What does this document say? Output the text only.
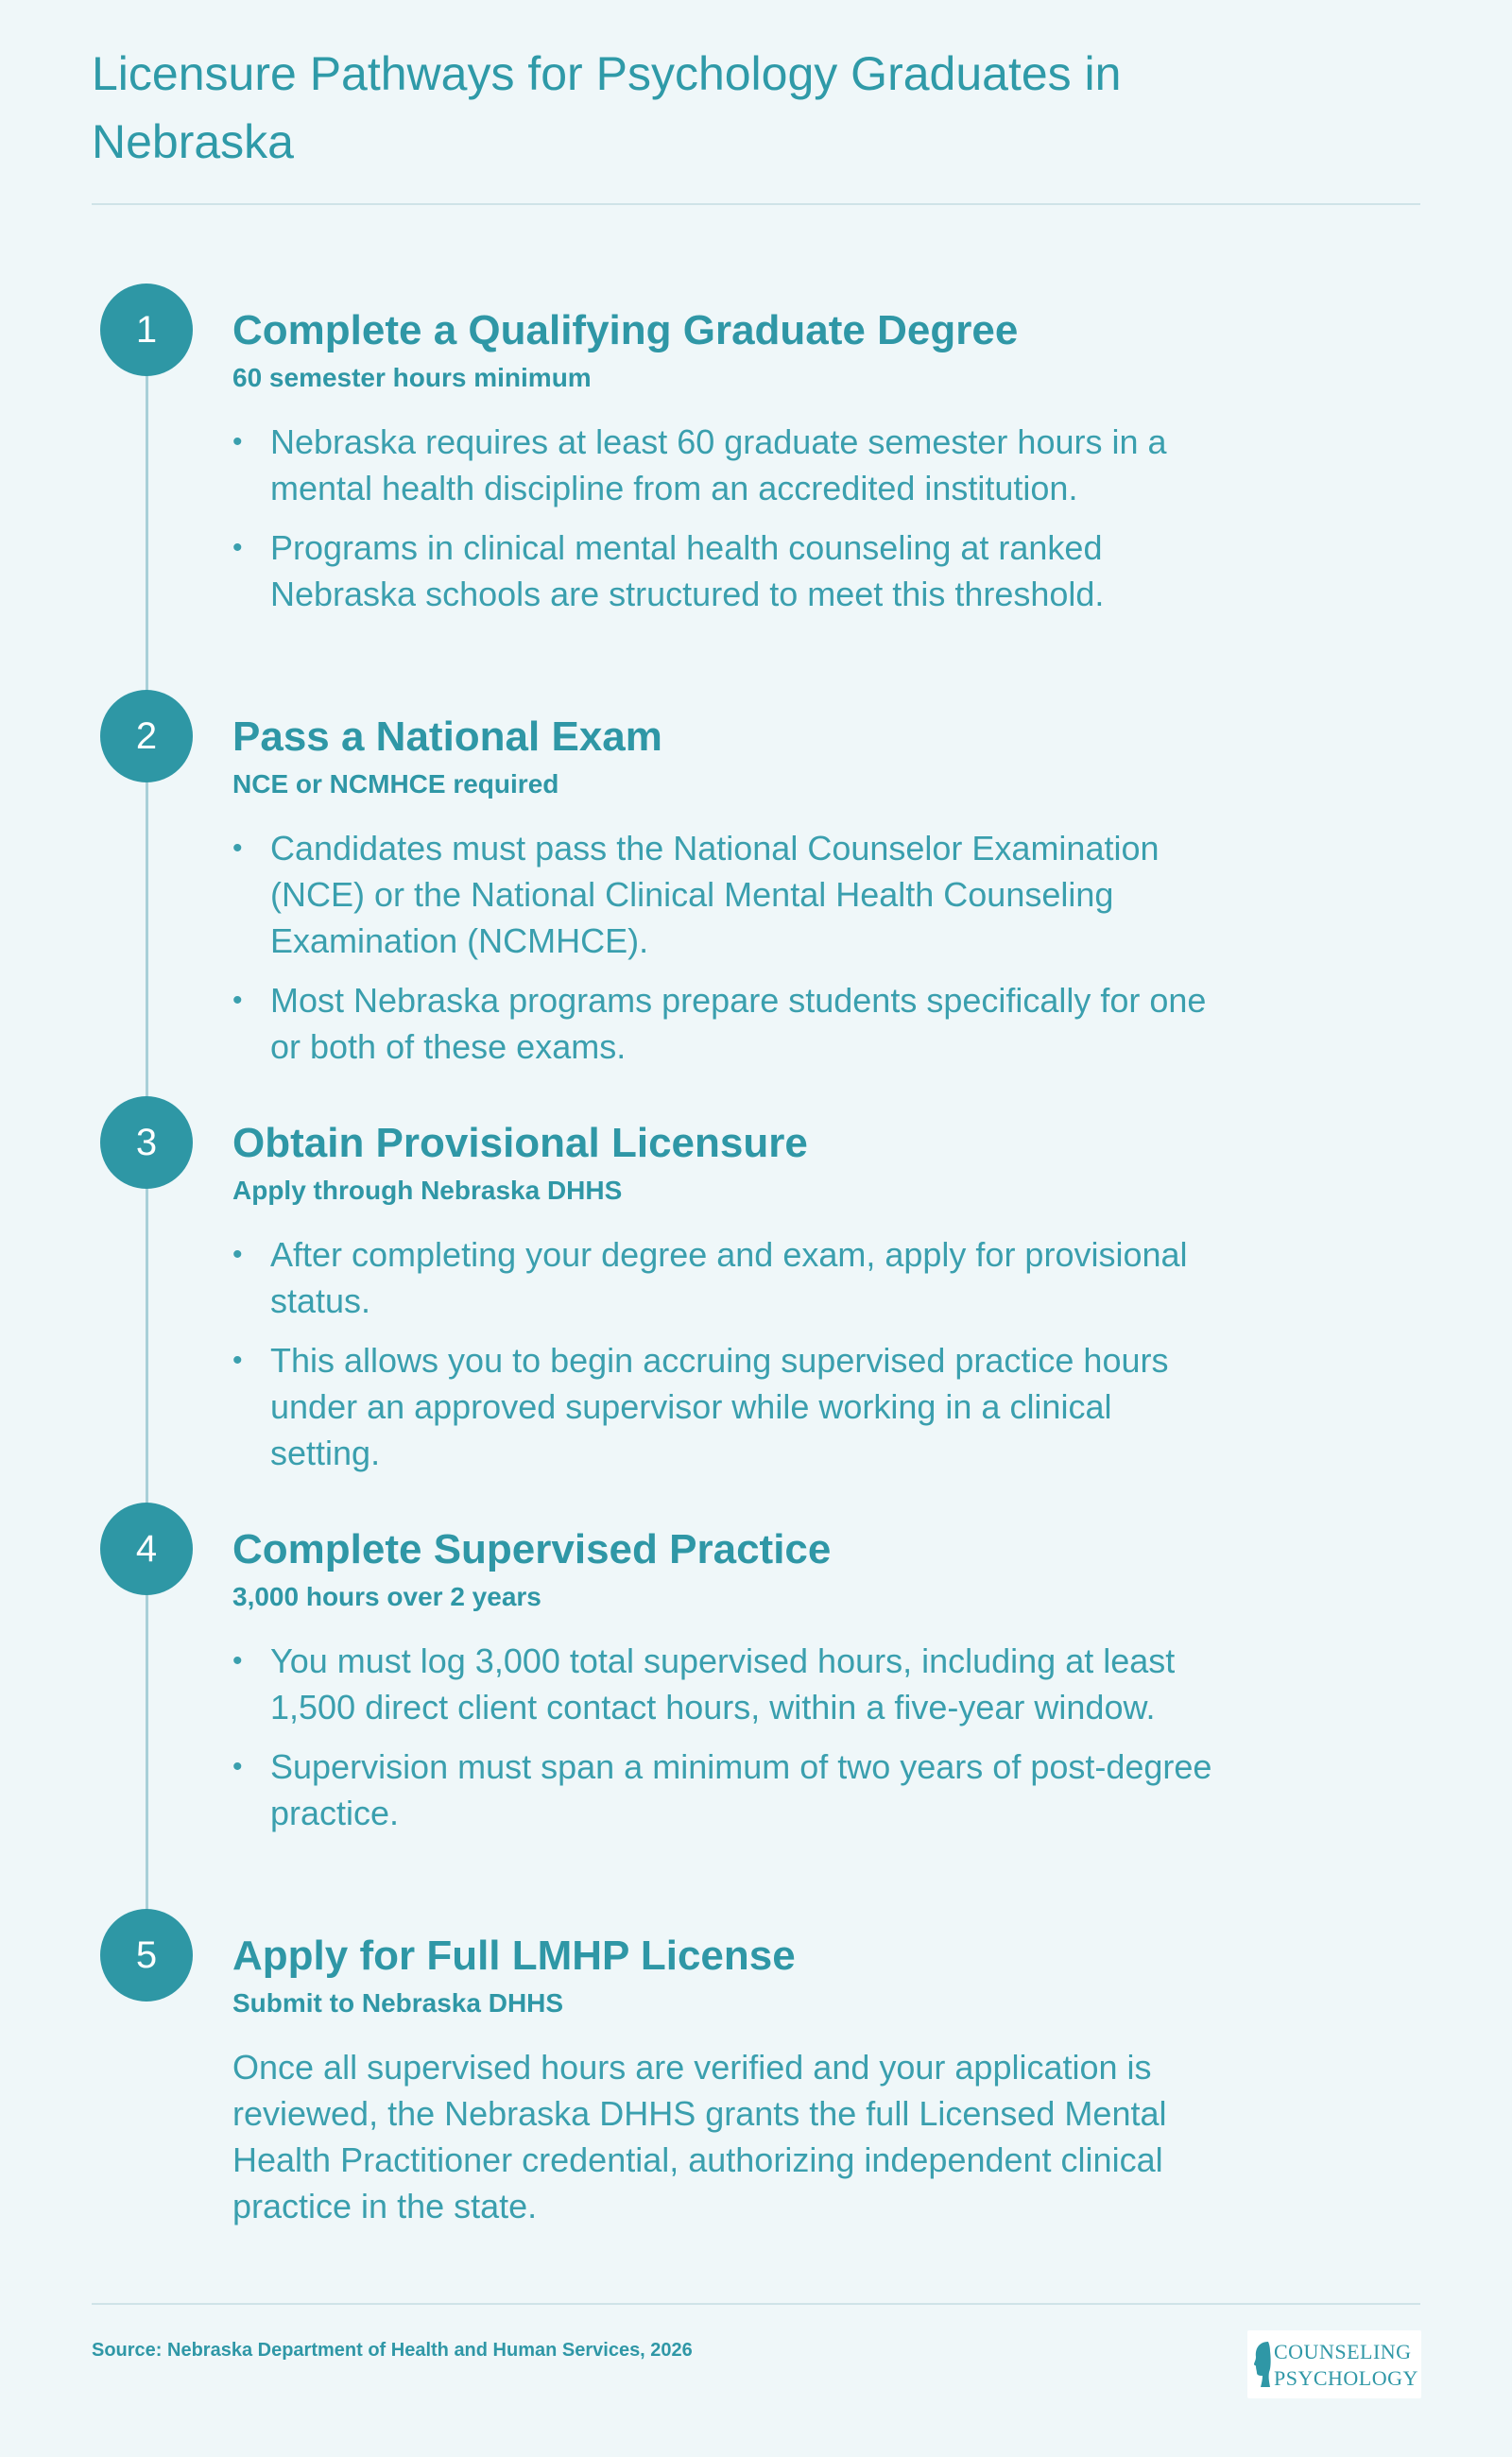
Licensure Pathways for Psychology Graduates in Nebraska
1	Complete a Qualifying Graduate Degree
60 semester hours minimum
• Nebraska requires at least 60 graduate semester hours in a mental health discipline from an accredited institution.
• Programs in clinical mental health counseling at ranked Nebraska schools are structured to meet this threshold.
2	Pass a National Exam
NCE or NCMHCE required
• Candidates must pass the National Counselor Examination (NCE) or the National Clinical Mental Health Counseling Examination (NCMHCE).
• Most Nebraska programs prepare students specifically for one or both of these exams.
3	Obtain Provisional Licensure
Apply through Nebraska DHHS
• After completing your degree and exam, apply for provisional status.
• This allows you to begin accruing supervised practice hours under an approved supervisor while working in a clinical setting.
4	Complete Supervised Practice
3,000 hours over 2 years
• You must log 3,000 total supervised hours, including at least 1,500 direct client contact hours, within a five-year window.
• Supervision must span a minimum of two years of post-degree practice.
5	Apply for Full LMHP License
Submit to Nebraska DHHS

Once all supervised hours are verified and your application is reviewed, the Nebraska DHHS grants the full Licensed Mental Health Practitioner credential, authorizing independent clinical practice in the state.

Source: Nebraska Department of Health and Human Services, 2026	COUNSELING
PSYCHOLOGY
